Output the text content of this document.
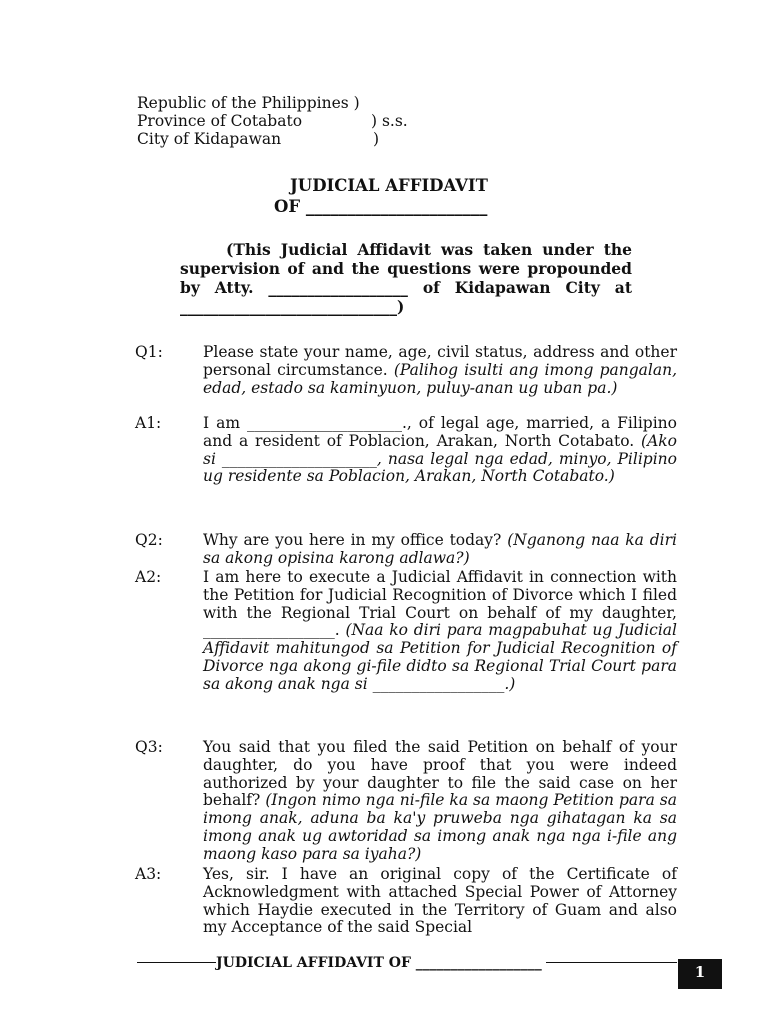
Republic of the Philippines )
Province of Cotabato	) s.s.
City of Kidapawan	)
JUDICIAL AFFIDAVIT
OF ______________________
(This Judicial Affidavit was taken under the supervision of and the questions were propounded by Atty. __________________ of Kidapawan City at ____________________________)
Q1:	Please state your name, age, civil status, address and other personal circumstance. (Palihog isulti ang imong pangalan, edad, estado sa kaminyuon, puluy-anan ug uban pa.)
A1:	I am ____________________., of legal age, married, a Filipino and a resident of Poblacion, Arakan, North Cotabato. (Ako si ____________________, nasa legal nga edad, minyo, Pilipino ug residente sa Poblacion, Arakan, North Cotabato.)
Q2:	Why are you here in my office today? (Nganong naa ka diri sa akong opisina karong adlawa?)
A2:	I am here to execute a Judicial Affidavit in connection with the Petition for Judicial Recognition of Divorce which I filed with the Regional Trial Court on behalf of my daughter, _________________. (Naa ko diri para magpabuhat ug Judicial Affidavit mahitungod sa Petition for Judicial Recognition of Divorce nga akong gi-file didto sa Regional Trial Court para sa akong anak nga si _________________.)
Q3:	You said that you filed the said Petition on behalf of your daughter, do you have proof that you were indeed authorized by your daughter to file the said case on her behalf? (Ingon nimo nga ni-file ka sa maong Petition para sa imong anak, aduna ba ka'y pruweba nga gihatagan ka sa imong anak ug awtoridad sa imong anak nga nga i-file ang maong kaso para sa iyaha?)
A3:	Yes, sir. I have an original copy of the Certificate of Acknowledgment with attached Special Power of Attorney which Haydie executed in the Territory of Guam and also my Acceptance of the said Special
JUDICIAL AFFIDAVIT OF __________________	1
